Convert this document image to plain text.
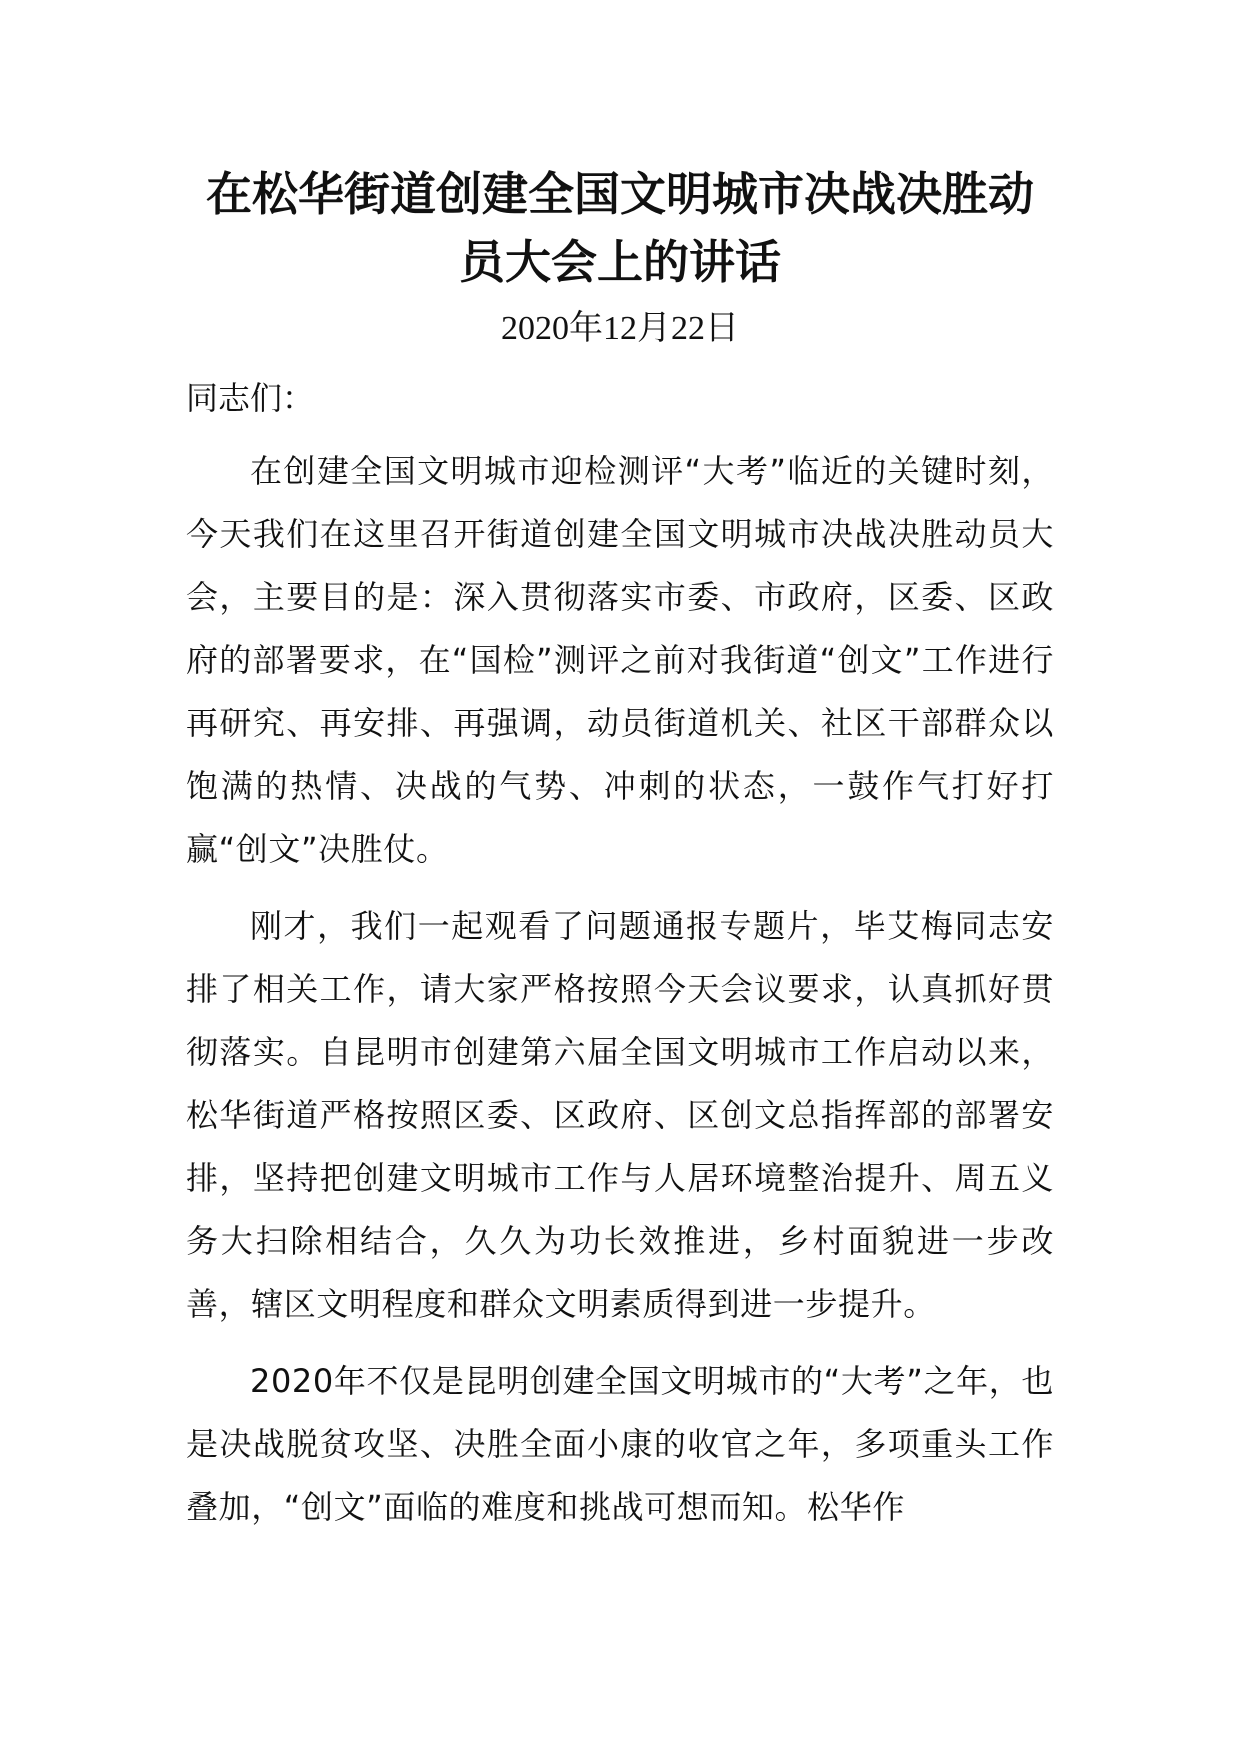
在松华街道创建全国文明城市决战决胜动员大会上的讲话
2020年12月22日
同志们：

在创建全国文明城市迎检测评“大考”临近的关键时刻，今天我们在这里召开街道创建全国文明城市决战决胜动员大会，主要目的是：深入贯彻落实市委、市政府，区委、区政府的部署要求，在“国检”测评之前对我街道“创文”工作进行再研究、再安排、再强调，动员街道机关、社区干部群众以饱满的热情、决战的气势、冲刺的状态，一鼓作气打好打赢“创文”决胜仗。

刚才，我们一起观看了问题通报专题片，毕艾梅同志安排了相关工作，请大家严格按照今天会议要求，认真抓好贯彻落实。自昆明市创建第六届全国文明城市工作启动以来，松华街道严格按照区委、区政府、区创文总指挥部的部署安排，坚持把创建文明城市工作与人居环境整治提升、周五义务大扫除相结合，久久为功长效推进，乡村面貌进一步改善，辖区文明程度和群众文明素质得到进一步提升。

2020年不仅是昆明创建全国文明城市的“大考”之年，也是决战脱贫攻坚、决胜全面小康的收官之年，多项重头工作叠加，“创文”面临的难度和挑战可想而知。松华作
